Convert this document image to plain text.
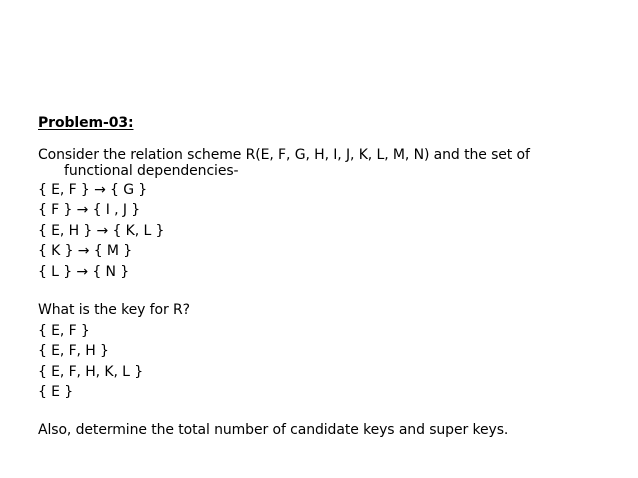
Problem-03:

Consider the relation scheme R(E, F, G, H, I, J, K, L, M, N) and the set of functional dependencies-

{ E, F } → { G }
{ F } → { I , J }
{ E, H } → { K, L }
{ K } → { M }
{ L } → { N }

What is the key for R?

{ E, F }
{ E, F, H }
{ E, F, H, K, L }
{ E }

Also, determine the total number of candidate keys and super keys.
